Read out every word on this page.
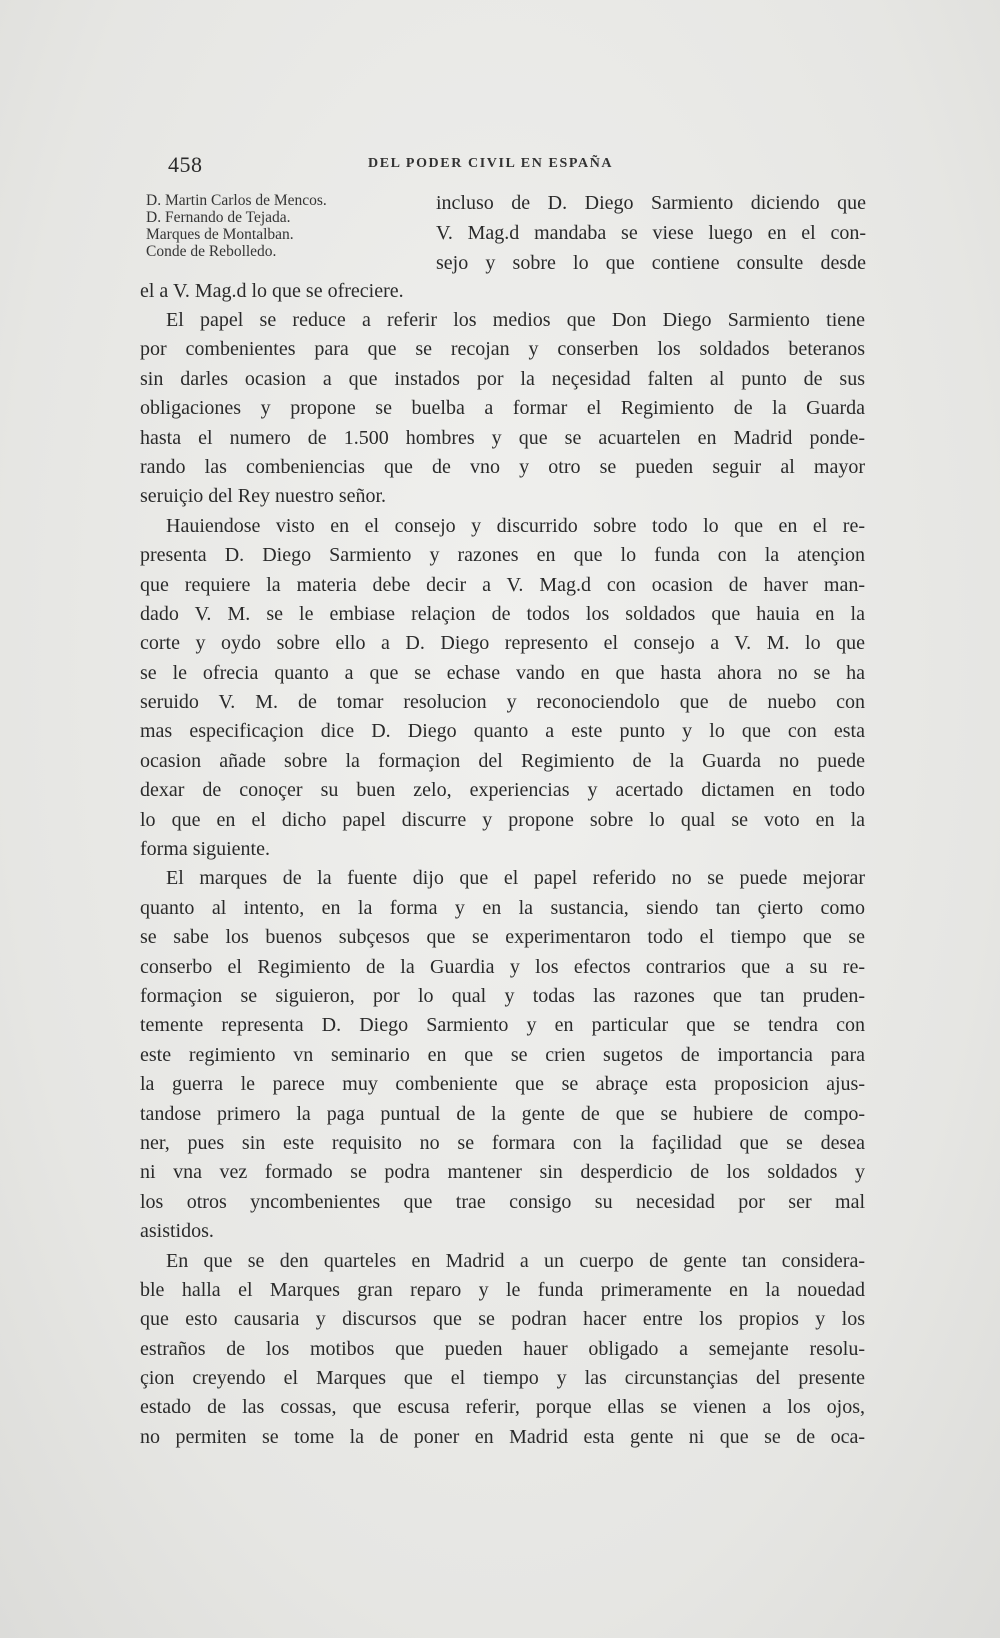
458	DEL PODER CIVIL EN ESPAÑA
D. Martin Carlos de Mencos.
D. Fernando de Tejada.
Marques de Montalban.
Conde de Rebolledo.
incluso de D. Diego Sarmiento diciendo que
V. Mag.d mandaba se viese luego en el con-
sejo y sobre lo que contiene consulte desde
el a V. Mag.d lo que se ofreciere.
El papel se reduce a referir los medios que Don Diego Sarmiento tiene
por combenientes para que se recojan y conserben los soldados beteranos
sin darles ocasion a que instados por la neçesidad falten al punto de sus
obligaciones y propone se buelba a formar el Regimiento de la Guarda
hasta el numero de 1.500 hombres y que se acuartelen en Madrid ponde-
rando las combeniencias que de vno y otro se pueden seguir al mayor
seruiçio del Rey nuestro señor.
Hauiendose visto en el consejo y discurrido sobre todo lo que en el re-
presenta D. Diego Sarmiento y razones en que lo funda con la atençion
que requiere la materia debe decir a V. Mag.d con ocasion de haver man-
dado V. M. se le embiase relaçion de todos los soldados que hauia en la
corte y oydo sobre ello a D. Diego represento el consejo a V. M. lo que
se le ofrecia quanto a que se echase vando en que hasta ahora no se ha
seruido V. M. de tomar resolucion y reconociendolo que de nuebo con
mas especificaçion dice D. Diego quanto a este punto y lo que con esta
ocasion añade sobre la formaçion del Regimiento de la Guarda no puede
dexar de conoçer su buen zelo, experiencias y acertado dictamen en todo
lo que en el dicho papel discurre y propone sobre lo qual se voto en la
forma siguiente.
El marques de la fuente dijo que el papel referido no se puede mejorar
quanto al intento, en la forma y en la sustancia, siendo tan çierto como
se sabe los buenos subçesos que se experimentaron todo el tiempo que se
conserbo el Regimiento de la Guardia y los efectos contrarios que a su re-
formaçion se siguieron, por lo qual y todas las razones que tan pruden-
temente representa D. Diego Sarmiento y en particular que se tendra con
este regimiento vn seminario en que se crien sugetos de importancia para
la guerra le parece muy combeniente que se abraçe esta proposicion ajus-
tandose primero la paga puntual de la gente de que se hubiere de compo-
ner, pues sin este requisito no se formara con la façilidad que se desea
ni vna vez formado se podra mantener sin desperdicio de los soldados y
los otros yncombenientes que trae consigo su necesidad por ser mal
asistidos.
En que se den quarteles en Madrid a un cuerpo de gente tan considera-
ble halla el Marques gran reparo y le funda primeramente en la nouedad
que esto causaria y discursos que se podran hacer entre los propios y los
estraños de los motibos que pueden hauer obligado a semejante resolu-
çion creyendo el Marques que el tiempo y las circunstançias del presente
estado de las cossas, que escusa referir, porque ellas se vienen a los ojos,
no permiten se tome la de poner en Madrid esta gente ni que se de oca-
